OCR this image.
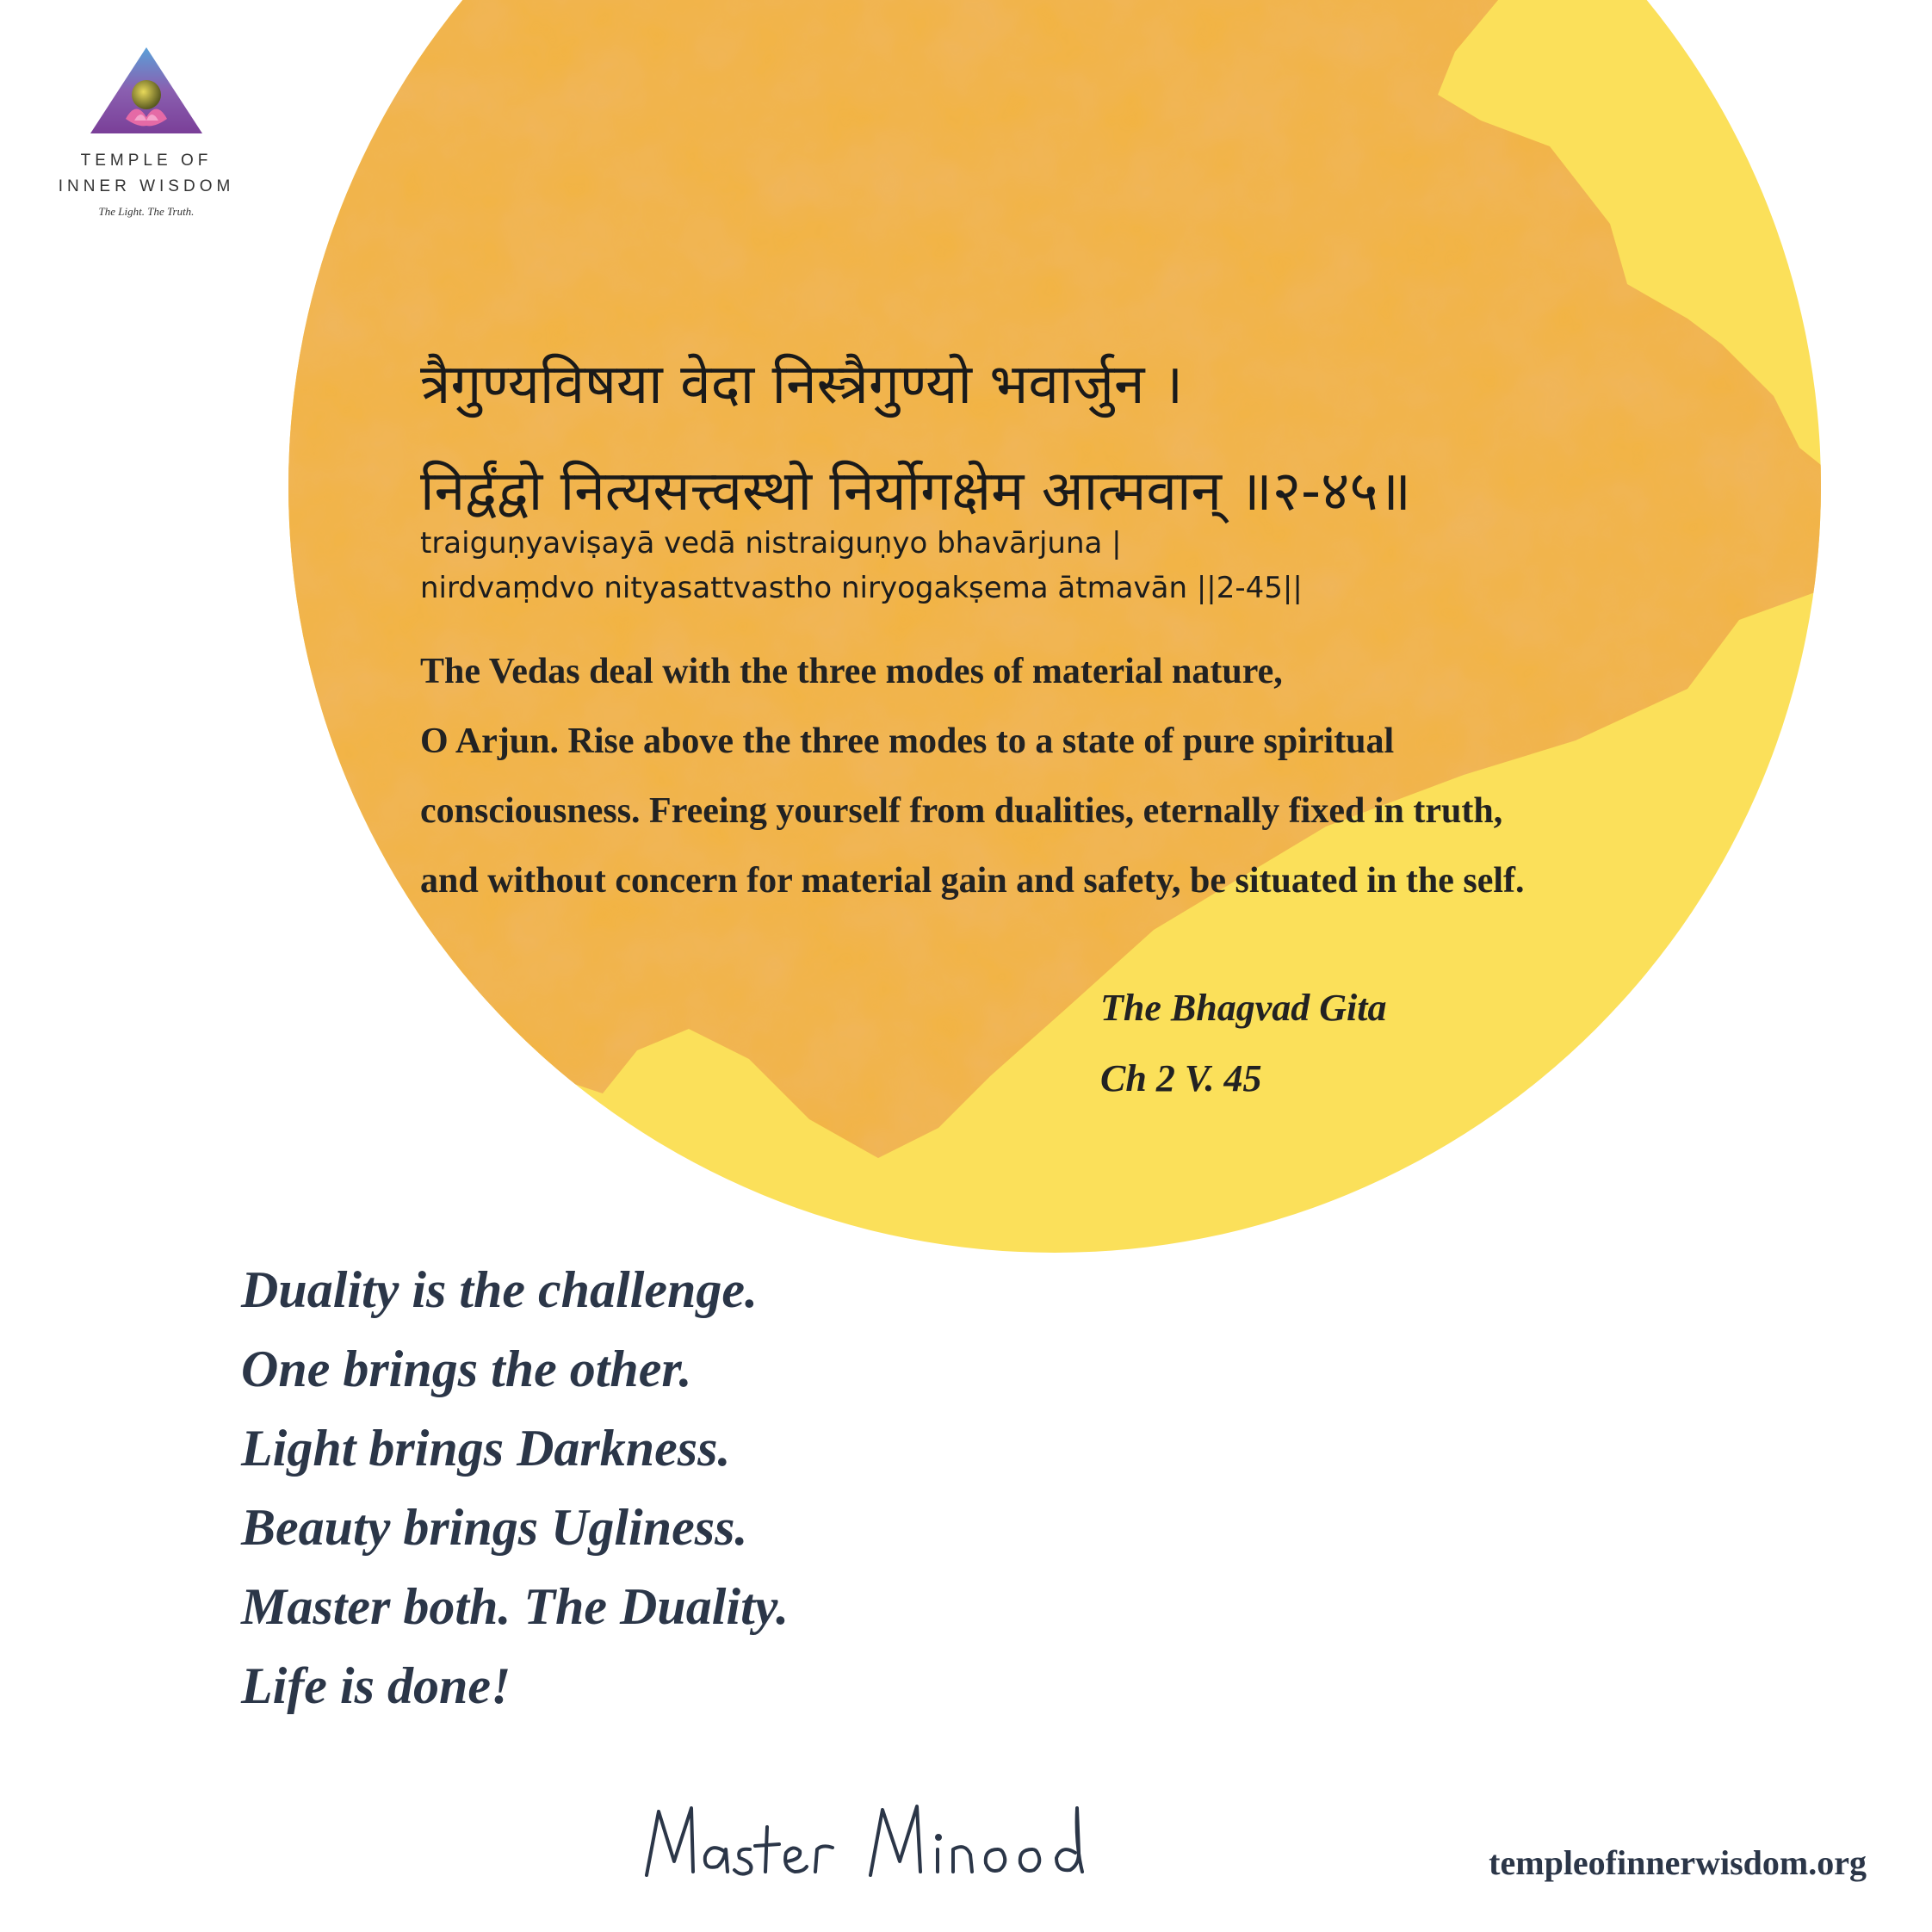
TEMPLE OF
INNER WISDOM
The Light. The Truth.
त्रैगुण्यविषया वेदा निस्त्रैगुण्यो भवार्जुन ।
निर्द्वंद्वो नित्यसत्त्वस्थो निर्योगक्षेम आत्मवान् ॥२-४५॥
traiguṇyaviṣayā vedā nistraiguṇyo bhavārjuna |
nirdvaṃdvo nityasattvastho niryogakṣema ātmavān ||2-45||
The Vedas deal with the three modes of material nature,
O Arjun. Rise above the three modes to a state of pure spiritual
consciousness. Freeing yourself from dualities, eternally fixed in truth,
and without concern for material gain and safety, be situated in the self.
The Bhagvad Gita
Ch 2 V. 45
Duality is the challenge.
One brings the other.
Light brings Darkness.
Beauty brings Ugliness.
Master both. The Duality.
Life is done!
Master Minood
templeofinnerwisdom.org
